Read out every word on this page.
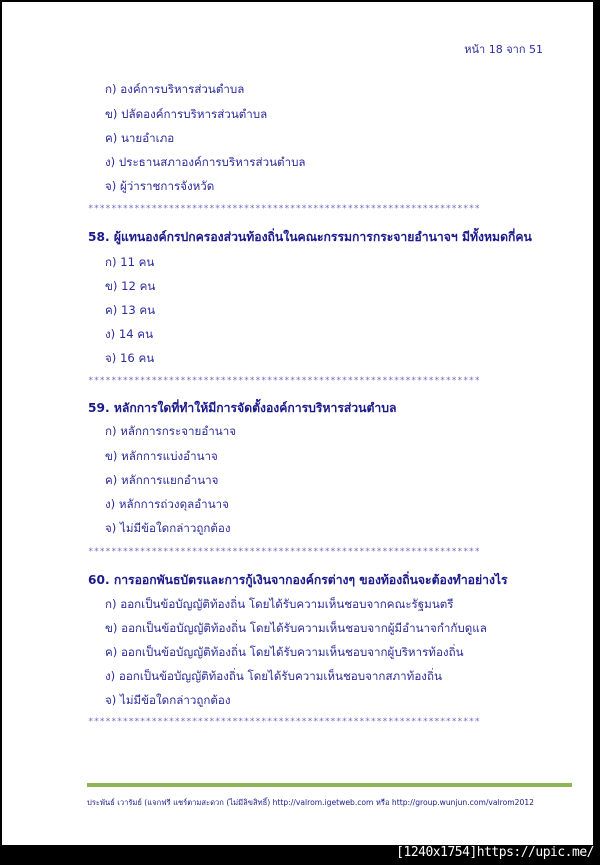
หน้า 18 จาก 51
ก) องค์การบริหารส่วนตำบล
ข) ปลัดองค์การบริหารส่วนตำบล
ค) นายอำเภอ
ง) ประธานสภาองค์การบริหารส่วนตำบล
จ) ผู้ว่าราชการจังหวัด
********************************************************************
58. ผู้แทนองค์กรปกครองส่วนท้องถิ่นในคณะกรรมการกระจายอำนาจฯ มีทั้งหมดกี่คน
ก) 11 คน
ข) 12 คน
ค) 13 คน
ง) 14 คน
จ) 16 คน
********************************************************************
59. หลักการใดที่ทำให้มีการจัดตั้งองค์การบริหารส่วนตำบล
ก) หลักการกระจายอำนาจ
ข) หลักการแบ่งอำนาจ
ค) หลักการแยกอำนาจ
ง) หลักการถ่วงดุลอำนาจ
จ) ไม่มีข้อใดกล่าวถูกต้อง
********************************************************************
60. การออกพันธบัตรและการกู้เงินจากองค์กรต่างๆ ของท้องถิ่นจะต้องทำอย่างไร
ก) ออกเป็นข้อบัญญัติท้องถิ่น โดยได้รับความเห็นชอบจากคณะรัฐมนตรี
ข) ออกเป็นข้อบัญญัติท้องถิ่น โดยได้รับความเห็นชอบจากผู้มีอำนาจกำกับดูแล
ค) ออกเป็นข้อบัญญัติท้องถิ่น โดยได้รับความเห็นชอบจากผู้บริหารท้องถิ่น
ง) ออกเป็นข้อบัญญัติท้องถิ่น โดยได้รับความเห็นชอบจากสภาท้องถิ่น
จ) ไม่มีข้อใดกล่าวถูกต้อง
********************************************************************
ประพันธ์ เวารัมย์ (แจกฟรี แชร์ตามสะดวก (ไม่มีลิขสิทธิ์) http://valrom.igetweb.com หรือ http://group.wunjun.com/valrom2012
[1240x1754]https://upic.me/
